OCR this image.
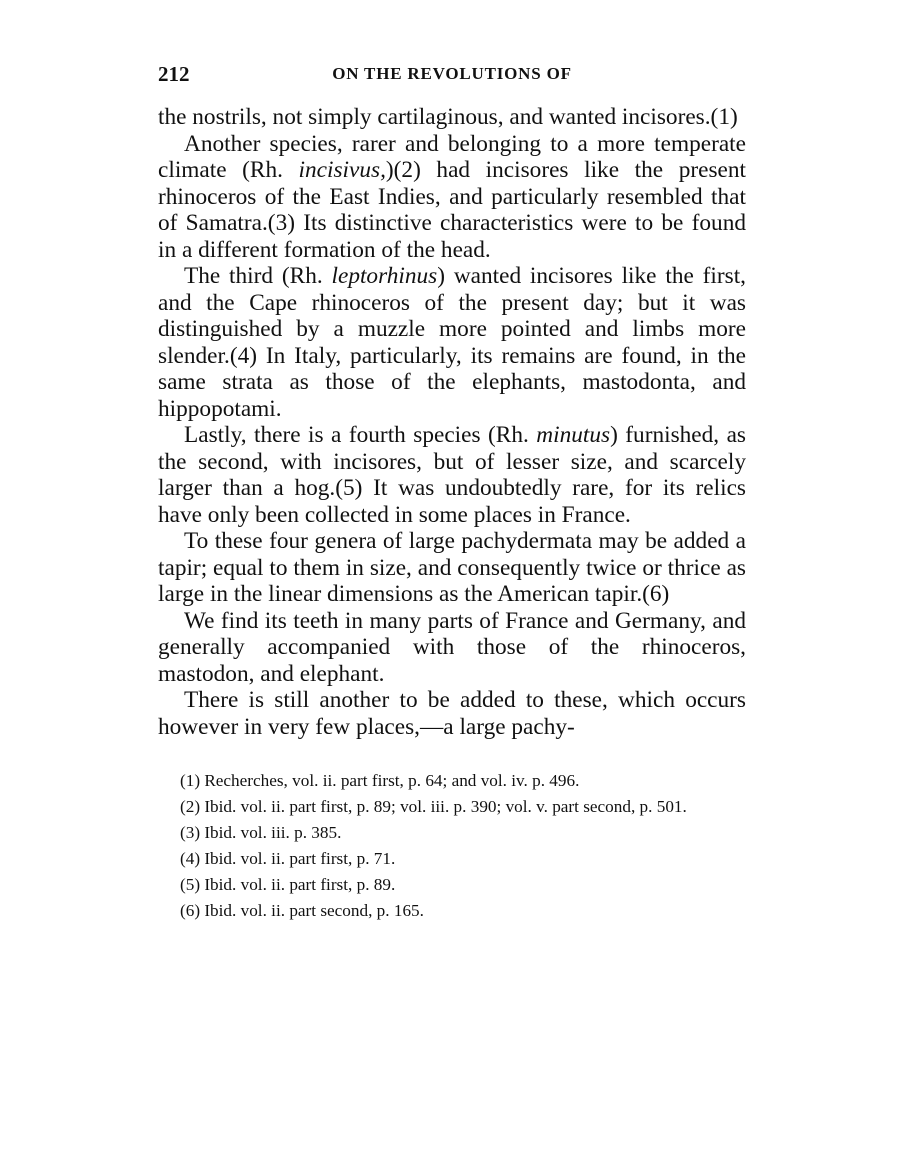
212	ON THE REVOLUTIONS OF

the nostrils, not simply cartilaginous, and wanted incisores.(1)

Another species, rarer and belonging to a more temperate climate (Rh. incisivus,)(2) had incisores like the present rhinoceros of the East Indies, and particularly resembled that of Samatra.(3) Its distinctive characteristics were to be found in a different formation of the head.

The third (Rh. leptorhinus) wanted incisores like the first, and the Cape rhinoceros of the present day; but it was distinguished by a muzzle more pointed and limbs more slender.(4) In Italy, particularly, its remains are found, in the same strata as those of the elephants, mastodonta, and hippopotami.

Lastly, there is a fourth species (Rh. minutus) furnished, as the second, with incisores, but of lesser size, and scarcely larger than a hog.(5) It was undoubtedly rare, for its relics have only been collected in some places in France.

To these four genera of large pachydermata may be added a tapir; equal to them in size, and consequently twice or thrice as large in the linear dimensions as the American tapir.(6)

We find its teeth in many parts of France and Germany, and generally accompanied with those of the rhinoceros, mastodon, and elephant.

There is still another to be added to these, which occurs however in very few places,—a large pachy-

(1) Recherches, vol. ii. part first, p. 64; and vol. iv. p. 496.

(2) Ibid. vol. ii. part first, p. 89; vol. iii. p. 390; vol. v. part second, p. 501.

(3) Ibid. vol. iii. p. 385.

(4) Ibid. vol. ii. part first, p. 71.

(5) Ibid. vol. ii. part first, p. 89.

(6) Ibid. vol. ii. part second, p. 165.
